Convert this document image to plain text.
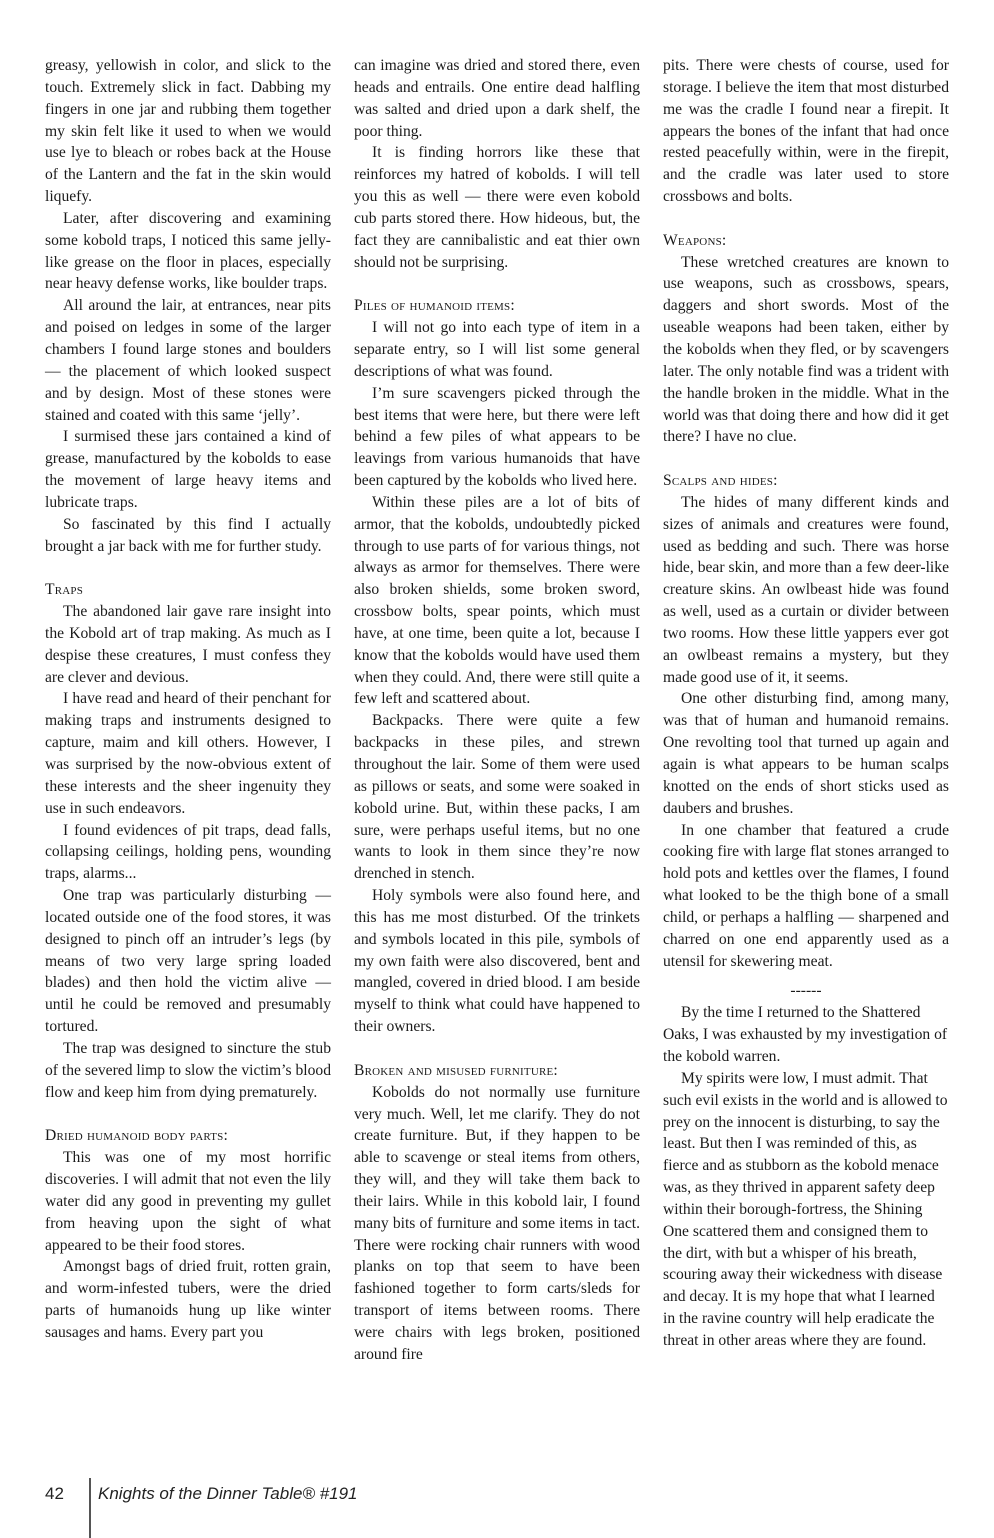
greasy, yellowish in color, and slick to the touch. Extremely slick in fact. Dabbing my fingers in one jar and rubbing them together my skin felt like it used to when we would use lye to bleach or robes back at the House of the Lantern and the fat in the skin would liquefy.

Later, after discovering and examining some kobold traps, I noticed this same jelly-like grease on the floor in places, especially near heavy defense works, like boulder traps.

All around the lair, at entrances, near pits and poised on ledges in some of the larger chambers I found large stones and boulders — the placement of which looked suspect and by design. Most of these stones were stained and coated with this same ‘jelly’.

I surmised these jars contained a kind of grease, manufactured by the kobolds to ease the movement of large heavy items and lubricate traps.

So fascinated by this find I actually brought a jar back with me for further study.

Traps

The abandoned lair gave rare insight into the Kobold art of trap making. As much as I despise these creatures, I must confess they are clever and devious.

I have read and heard of their penchant for making traps and instruments designed to capture, maim and kill others. However, I was surprised by the now-obvious extent of these interests and the sheer ingenuity they use in such endeavors.

I found evidences of pit traps, dead falls, collapsing ceilings, holding pens, wounding traps, alarms...

One trap was particularly disturbing — located outside one of the food stores, it was designed to pinch off an intruder’s legs (by means of two very large spring loaded blades) and then hold the victim alive — until he could be removed and presumably tortured.

The trap was designed to sincture the stub of the severed limp to slow the victim’s blood flow and keep him from dying prematurely.

Dried humanoid body parts:

This was one of my most horrific discoveries. I will admit that not even the lily water did any good in preventing my gullet from heaving upon the sight of what appeared to be their food stores.

Amongst bags of dried fruit, rotten grain, and worm-infested tubers, were the dried parts of humanoids hung up like winter sausages and hams. Every part you

can imagine was dried and stored there, even heads and entrails. One entire dead halfling was salted and dried upon a dark shelf, the poor thing.

It is finding horrors like these that reinforces my hatred of kobolds. I will tell you this as well — there were even kobold cub parts stored there. How hideous, but, the fact they are cannibalistic and eat thier own should not be surprising.

Piles of humanoid items:

I will not go into each type of item in a separate entry, so I will list some general descriptions of what was found.

I’m sure scavengers picked through the best items that were here, but there were left behind a few piles of what appears to be leavings from various humanoids that have been captured by the kobolds who lived here.

Within these piles are a lot of bits of armor, that the kobolds, undoubtedly picked through to use parts of for various things, not always as armor for themselves. There were also broken shields, some broken sword, crossbow bolts, spear points, which must have, at one time, been quite a lot, because I know that the kobolds would have used them when they could. And, there were still quite a few left and scattered about.

Backpacks. There were quite a few backpacks in these piles, and strewn throughout the lair. Some of them were used as pillows or seats, and some were soaked in kobold urine. But, within these packs, I am sure, were perhaps useful items, but no one wants to look in them since they’re now drenched in stench.

Holy symbols were also found here, and this has me most disturbed. Of the trinkets and symbols located in this pile, symbols of my own faith were also discovered, bent and mangled, covered in dried blood. I am beside myself to think what could have happened to their owners.

Broken and misused furniture:

Kobolds do not normally use furniture very much. Well, let me clarify. They do not create furniture. But, if they happen to be able to scavenge or steal items from others, they will, and they will take them back to their lairs. While in this kobold lair, I found many bits of furniture and some items in tact. There were rocking chair runners with wood planks on top that seem to have been fashioned together to form carts/sleds for transport of items between rooms. There were chairs with legs broken, positioned around fire

pits. There were chests of course, used for storage. I believe the item that most disturbed me was the cradle I found near a firepit. It appears the bones of the infant that had once rested peacefully within, were in the firepit, and the cradle was later used to store crossbows and bolts.

Weapons:

These wretched creatures are known to use weapons, such as crossbows, spears, daggers and short swords. Most of the useable weapons had been taken, either by the kobolds when they fled, or by scavengers later. The only notable find was a trident with the handle broken in the middle. What in the world was that doing there and how did it get there? I have no clue.

Scalps and hides:

The hides of many different kinds and sizes of animals and creatures were found, used as bedding and such. There was horse hide, bear skin, and more than a few deer-like creature skins. An owlbeast hide was found as well, used as a curtain or divider between two rooms. How these little yappers ever got an owlbeast remains a mystery, but they made good use of it, it seems.

One other disturbing find, among many, was that of human and humanoid remains. One revolting tool that turned up again and again is what appears to be human scalps knotted on the ends of short sticks used as daubers and brushes.

In one chamber that featured a crude cooking fire with large flat stones arranged to hold pots and kettles over the flames, I found what looked to be the thigh bone of a small child, or perhaps a halfling — sharpened and charred on one end apparently used as a utensil for skewering meat.

------

By the time I returned to the Shattered Oaks, I was exhausted by my investigation of the kobold warren.

My spirits were low, I must admit. That such evil exists in the world and is allowed to prey on the innocent is disturbing, to say the least. But then I was reminded of this, as fierce and as stubborn as the kobold menace was, as they thrived in apparent safety deep within their borough-fortress, the Shining One scattered them and consigned them to the dirt, with but a whisper of his breath, scouring away their wickedness with disease and decay. It is my hope that what I learned in the ravine country will help eradicate the threat in other areas where they are found.

42 Knights of the Dinner Table® #191
